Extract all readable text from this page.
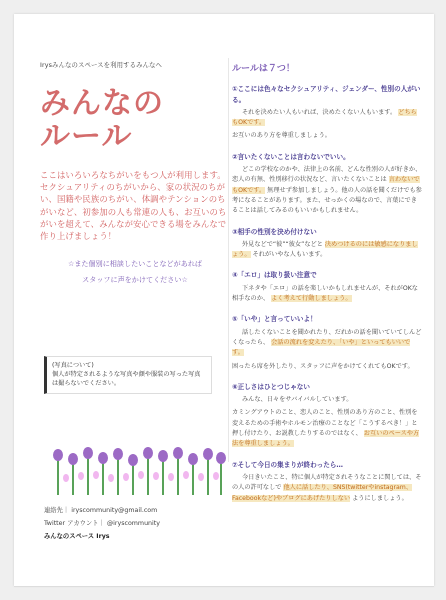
Irysみんなのスペースを利用するみんなへ
みんなの
ルール
ここはいろいろなちがいをもつ人が利用します。セクシュアリティのちがいから、家の状況のちがい、国籍や民族のちがい、体調やテンションのちがいなど、初参加の人も常連の人も、お互いのちがいを超えて、みんなが安心できる場をみんなで作り上げましょう！
☆また個別に相談したいことなどがあれば
スタッフに声をかけてください☆
(写真について)
個人が特定されるような写真や顔や服装の写った写真は撮らないでください。
連絡先｜ iryscommunity@gmail.com
Twitter アカウント｜ @iryscommunity
みんなのスペース Irys
ルールは７つ！
①ここには色々なセクシュアリティ、ジェンダー、性別の人がいる。
それを決めたい人もいれば、決めたくない人もいます。 どちらもOKです。
お互いのあり方を尊重しましょう。
②言いたくないことは言わないでいい。
どこの学校なのかや、法律上の名前、どんな性別の人が好きか、恋人の有無、性別移行の状況など、言いたくないことは 言わないでもOKです。 無理せず参加しましょう。他の人の話を聞くだけでも参考になることがあります。また、せっかくの場なので、言葉にできることは話してみるのもいいかもしれません。
③相手の性別を決め付けない
外見などで“彼”“彼女”などと 決めつけるのには敏感になりましょう。 それがいやな人もいます。
④「エロ」は取り扱い注意で
下ネタや「エロ」の話を楽しいかもしれませんが、それがOKな相手なのか、 よく考えて行動しましょう。
⑤「いや」と言っていいよ！
話したくないことを聞かれたり、だれかの話を聞いていてしんどくなったら、 会話の流れを変えたり、「いや」といってもいいです。
困ったら席を外したり、スタッフに声をかけてくれてもOKです。
⑥正しさはひとつじゃない
みんな、日々をサバイバルしています。
カミングアウトのこと、恋人のこと、性別のあり方のこと、性別を変えるための手術やホルモン治療のことなど「こうするべき！」と押し付けたり、お説教したりするのではなく、 お互いのペースや方法を尊重しましょう。
⑦そして今日の集まりが終わったら…
今日きいたこと、特に個人が特定されそうなことに関しては、その人の許可なしで 他人に話したり、SNS(twitterやinstagram、Facebookなど)やブログにあげたりしない ようにしましょう。
